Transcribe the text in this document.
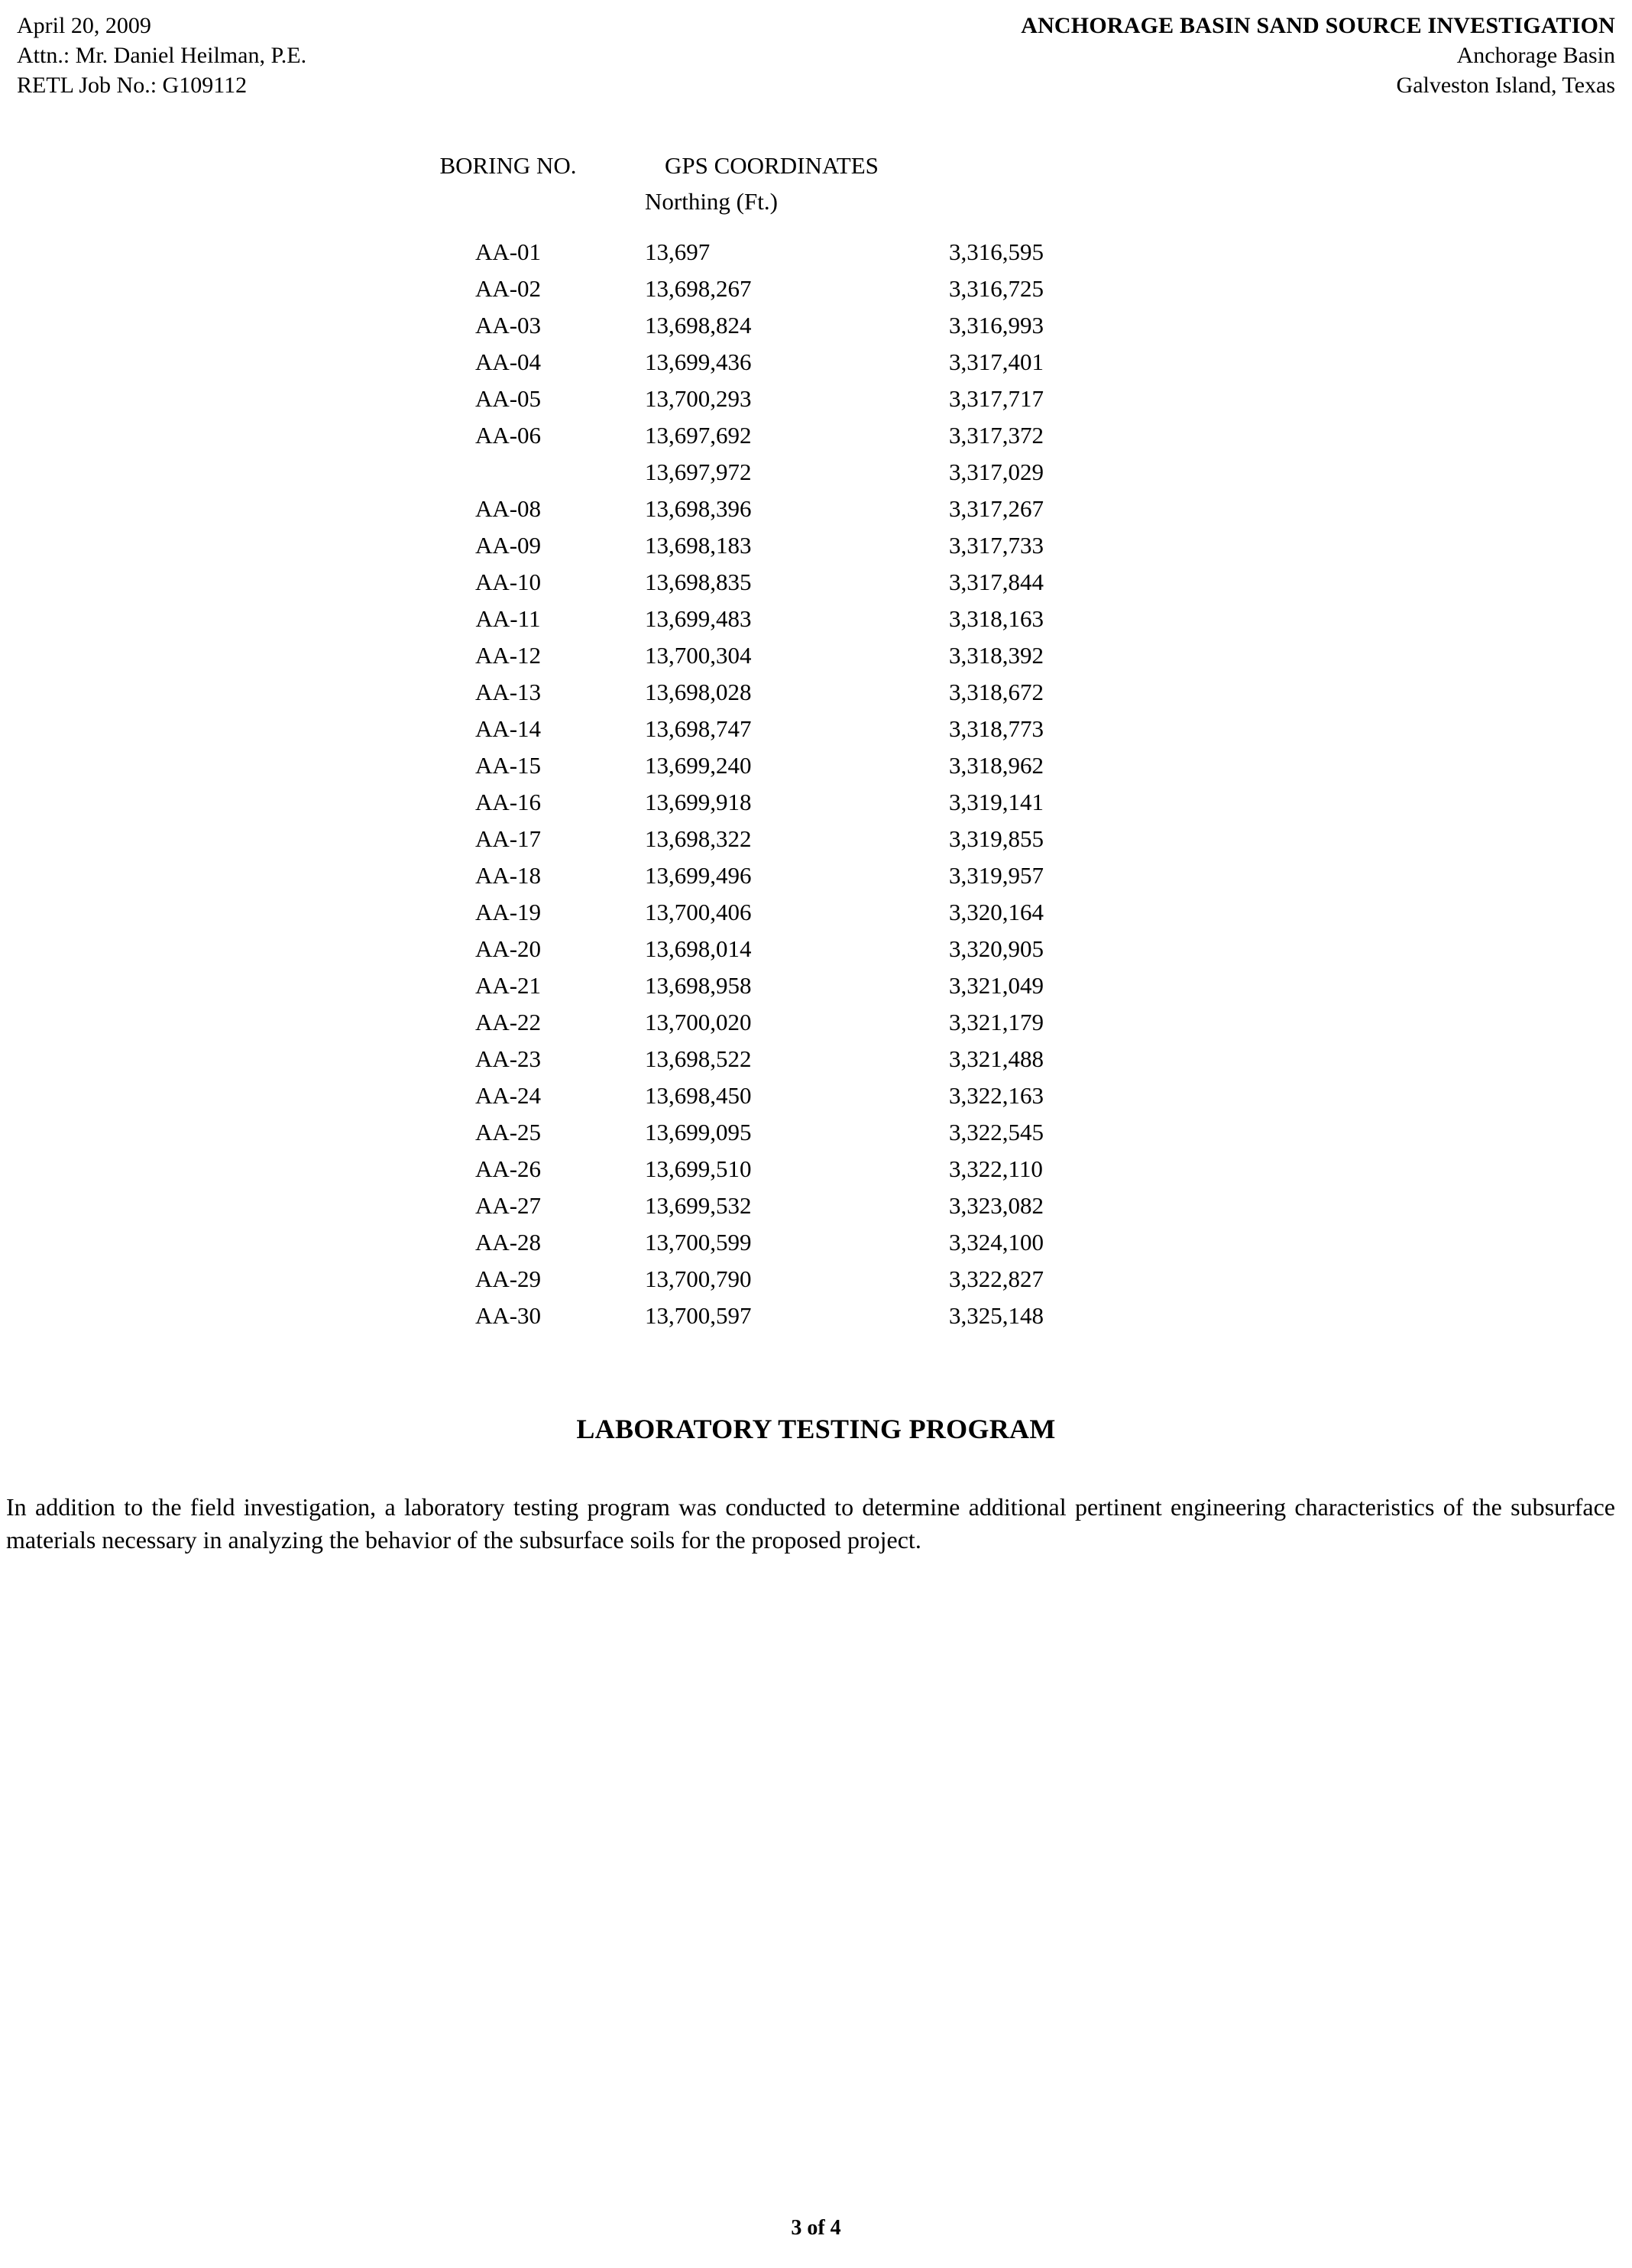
April 20, 2009
Attn.: Mr. Daniel Heilman, P.E.
RETL Job No.: G109112
ANCHORAGE BASIN SAND SOURCE INVESTIGATION
Anchorage Basin
Galveston Island, Texas
BORING NO.	GPS COORDINATES	
	Northing (Ft.)	
AA-01	13,697	3,316,595
AA-02	13,698,267	3,316,725
AA-03	13,698,824	3,316,993
AA-04	13,699,436	3,317,401
AA-05	13,700,293	3,317,717
AA-06	13,697,692	3,317,372
	13,697,972	3,317,029
AA-08	13,698,396	3,317,267
AA-09	13,698,183	3,317,733
AA-10	13,698,835	3,317,844
AA-11	13,699,483	3,318,163
AA-12	13,700,304	3,318,392
AA-13	13,698,028	3,318,672
AA-14	13,698,747	3,318,773
AA-15	13,699,240	3,318,962
AA-16	13,699,918	3,319,141
AA-17	13,698,322	3,319,855
AA-18	13,699,496	3,319,957
AA-19	13,700,406	3,320,164
AA-20	13,698,014	3,320,905
AA-21	13,698,958	3,321,049
AA-22	13,700,020	3,321,179
AA-23	13,698,522	3,321,488
AA-24	13,698,450	3,322,163
AA-25	13,699,095	3,322,545
AA-26	13,699,510	3,322,110
AA-27	13,699,532	3,323,082
AA-28	13,700,599	3,324,100
AA-29	13,700,790	3,322,827
AA-30	13,700,597	3,325,148
LABORATORY TESTING PROGRAM
In addition to the field investigation, a laboratory testing program was conducted to determine additional pertinent engineering characteristics of the subsurface materials necessary in analyzing the behavior of the subsurface soils for the proposed project.
3 of 4
